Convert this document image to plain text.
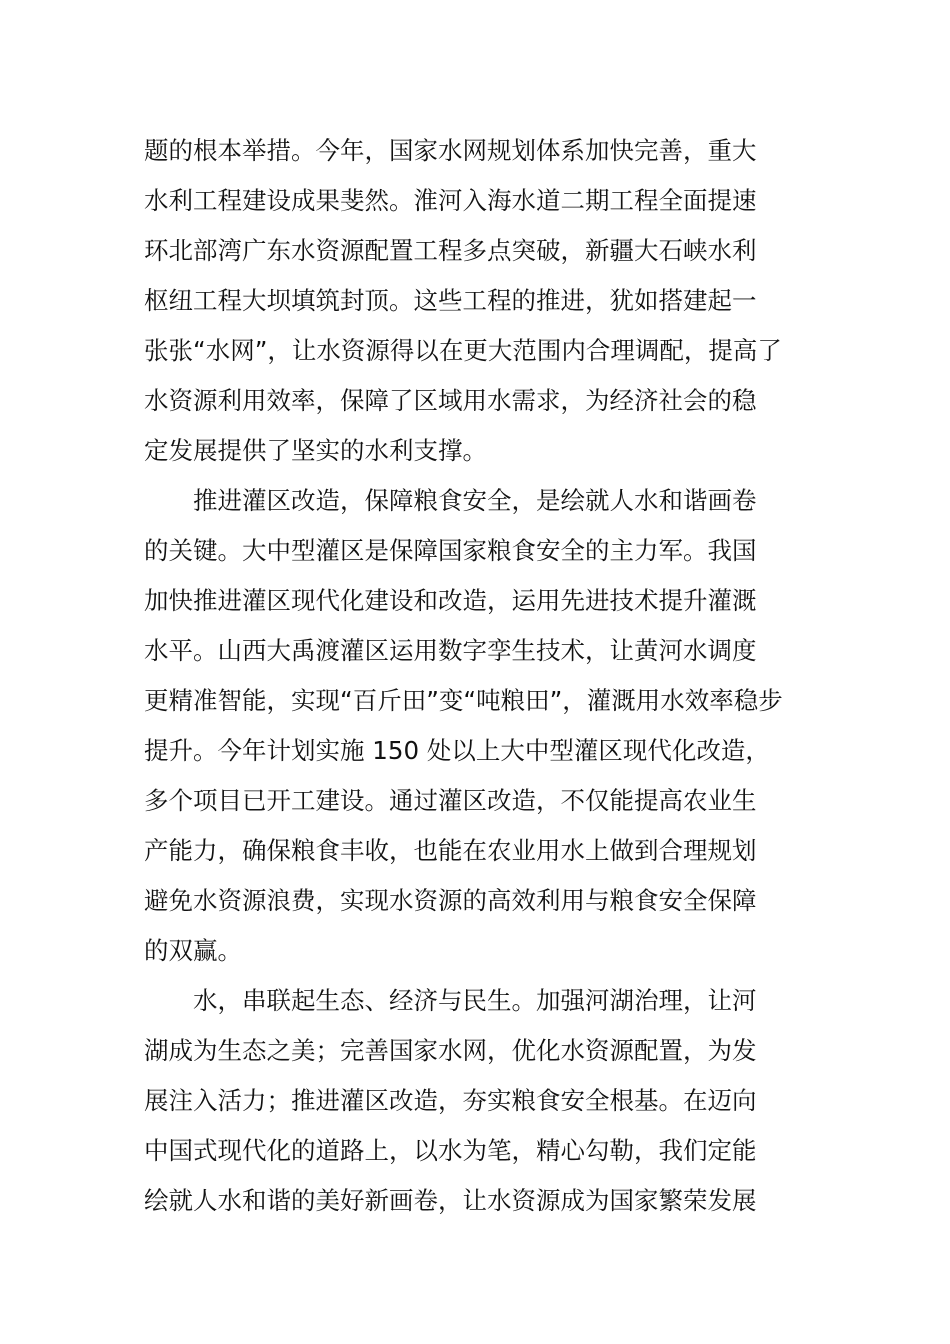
题的根本举措。今年，国家水网规划体系加快完善，重大
水利工程建设成果斐然。淮河入海水道二期工程全面提速
环北部湾广东水资源配置工程多点突破，新疆大石峡水利
枢纽工程大坝填筑封顶。这些工程的推进，犹如搭建起一
张张“水网”，让水资源得以在更大范围内合理调配，提高了
水资源利用效率，保障了区域用水需求，为经济社会的稳
定发展提供了坚实的水利支撑。
推进灌区改造，保障粮食安全，是绘就人水和谐画卷
的关键。大中型灌区是保障国家粮食安全的主力军。我国
加快推进灌区现代化建设和改造，运用先进技术提升灌溉
水平。山西大禹渡灌区运用数字孪生技术，让黄河水调度
更精准智能，实现“百斤田”变“吨粮田”，灌溉用水效率稳步
提升。今年计划实施 150 处以上大中型灌区现代化改造，
多个项目已开工建设。通过灌区改造，不仅能提高农业生
产能力，确保粮食丰收，也能在农业用水上做到合理规划
避免水资源浪费，实现水资源的高效利用与粮食安全保障
的双赢。
水，串联起生态、经济与民生。加强河湖治理，让河
湖成为生态之美；完善国家水网，优化水资源配置，为发
展注入活力；推进灌区改造，夯实粮食安全根基。在迈向
中国式现代化的道路上，以水为笔，精心勾勒，我们定能
绘就人水和谐的美好新画卷，让水资源成为国家繁荣发展
